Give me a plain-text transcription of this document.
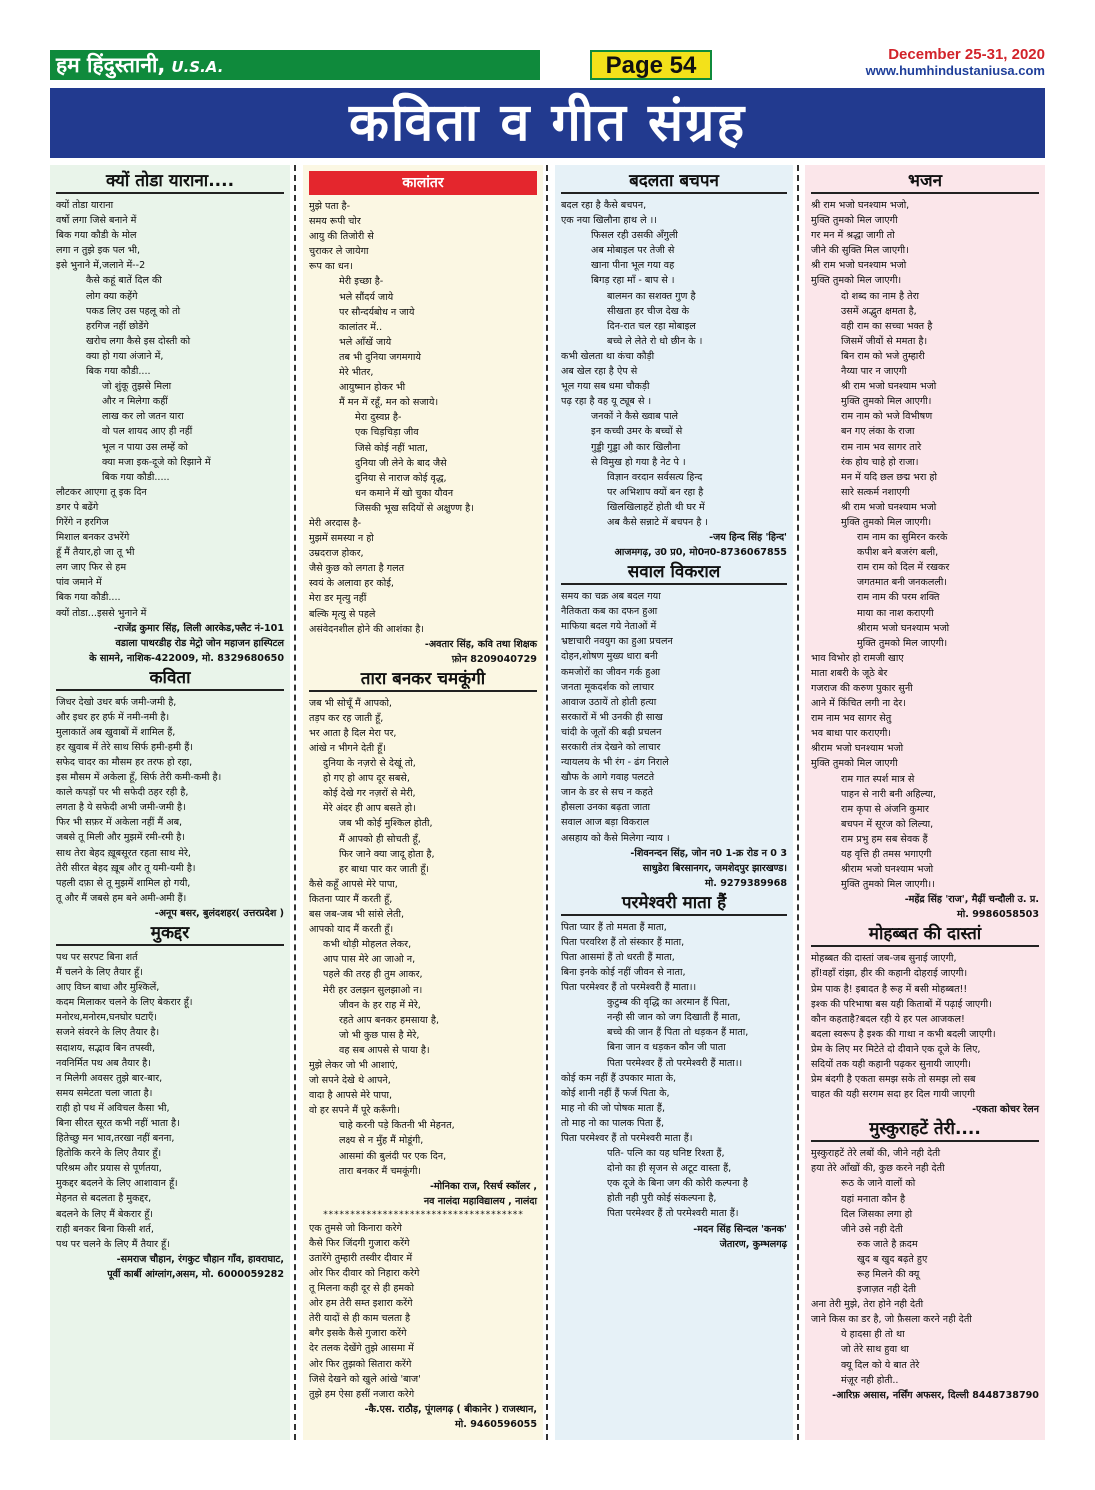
हम हिंदुस्तानी, U.S.A.	Page 54	December 25-31, 2020
www.humhindustaniusa.com
कविता व गीत संग्रह
क्यों तोडा याराना....
क्यों तोडा याराना
वर्षो लगा जिसे बनाने में
बिक गया कौडी के मोल
लगा न तुझे इक पल भी,
इसे भुनाने में,जलाने में--2
कैसे कहूं बातें दिल की
लोग क्या कहेंगे
पकड लिए उस पहलू को तो
हरगिज नहीं छोडेंगे
खरोच लगा कैसे इस दोस्ती को
क्या हो गया अंजाने में,
बिक गया कौडी....
जो शुंकू तुझसे मिला
और न मिलेगा कहीं
लाख कर लो जतन यारा
वो पल शायद आए ही नहीं
भूल न पाया उस लम्हें को
क्या मजा इक-दूजे को रिझाने में
बिक गया कौडी.....
लौटकर आएगा तू इक दिन
डगर पे बढेंगे
गिरेंगे न हरगिज
मिशाल बनकर उभरेंगे
हूँ मैं तैयार,हो जा तू भी
लग जाए फिर से हम
पांव जमाने में
बिक गया कौडी....
क्यों तोडा...इससे भुनाने में
-राजेंद्र कुमार सिंह, लिली आरकेड,फ्लैट नं-101
वडाला पाथरडीह रोड मेट्रो जोन महाजन हास्पिटल
के सामने, नाशिक-422009, मो. 8329680650
कविता
जिधर देखो उधर बर्फ जमी-जमी है,
और इधर हर हर्फ में नमी-नमी है।
मुलाकातें अब खुवाबों में शामिल हैं,
हर खुवाब में तेरे साथ सिर्फ हमी-हमी हैं।
सफेद चादर का मौसम हर तरफ हो रहा,
इस मौसम में अकेला हूँ, सिर्फ तेरी कमी-कमी है।
काले कपड़ों पर भी सफेदी ठहर रही है,
लगता है ये सफेदी अभी जमी-जमी है।
फिर भी सफ़र में अकेला नहीं मैं अब,
जबसे तू मिली और मुझमें रमी-रमी है।
साथ तेरा बेहद ख़ूबसूरत रहता साथ मेरे,
तेरी सीरत बेहद ख़ूब और तू यमी-यमी है।
पहली दफ़ा से तू मुझमें शामिल हो गयी,
तू और मैं जबसे हम बने अमी-अमी हैं।
-अनूप बसर, बुलंदशहर( उत्तरप्रदेश )
मुकद्दर
पथ पर सरपट बिना शर्त
मैं चलने के लिए तैयार हूँ।
आए विघ्न बाधा और मुश्किलें,
कदम मिलाकर चलने के लिए बेकरार हूँ।
मनोरथ,मनोरम,घनघोर घटाएँ।
सजने संवरने के लिए तैयार है।
सदाशय, सद्भाव बिन तपस्वी,
नवनिर्मित पथ अब तैयार है।
न मिलेगी अवसर तुझे बार-बार,
समय समेटता चला जाता है।
राही हो पथ में अविचल कैसा भी,
बिना सीरत सूरत कभी नहीं भाता है।
हितेच्छु मन भाव,तरखा नहीं बनना,
हितोकि करने के लिए तैयार हूँ।
परिश्रम और प्रयास से पूर्णतया,
मुकद्दर बदलने के लिए आशावान हूँ।
मेहनत से बदलता है मुकद्दर,
बदलने के लिए मैं बेकरार हूँ।
राही बनकर बिना किसी शर्त,
पथ पर चलने के लिए मैं तैयार हूँ।
-समराज चौहान, रंगकुट चौहान गाँव, हावराघाट,
पूर्वी कार्बी आंग्लांग,असम, मो. 6000059282
कालांतर
मुझे पता है-
समय रूपी चोर
आयु की तिजोरी से
चुराकर ले जायेगा
रूप का धन।
मेरी इच्छा है-
भले सौंदर्य जाये
पर सौन्दर्यबोध न जाये
कालांतर में..
भले आँखें जाये
तब भी दुनिया जगमगाये
मेरे भीतर,
आयुष्मान होकर भी
मैं मन में रहूँ, मन को सजाये।
मेरा दुस्वप्न है-
एक चिड़चिड़ा जीव
जिसे कोई नहीं भाता,
दुनिया जी लेने के बाद जैसे
दुनिया से नाराज कोई वृद्ध,
धन कमाने में खो चुका यौवन
जिसकी भूख सदियों से अक्षुण्ण है।
मेरी अरदास है-
मुझमें समस्या न हो
उम्रदराज होकर,
जैसे कुछ को लगता है गलत
स्वयं के अलावा हर कोई,
मेरा डर मृत्यु नहीं
बल्कि मृत्यु से पहले
असंवेदनशील होने की आशंका है।
-अवतार सिंह, कवि तथा शिक्षक
फ़ोन 8209040729
तारा बनकर चमकूंगी
जब भी सोचूँ मैं आपको,
तड़प कर रह जाती हूँ,
भर आता है दिल मेरा पर,
आंखे न भीगने देती हूँ।
दुनिया के नज़रो से देखूं तो,
हो गए हो आप दूर सबसे,
कोई देखे गर नज़रों से मेरी,
मेरे अंदर ही आप बसते हो।
जब भी कोई मुश्किल होती,
मैं आपको ही सोचती हूँ,
फिर जाने क्या जादू होता है,
हर बाधा पार कर जाती हूँ।
कैसे कहूँ आपसे मेरे पापा,
कितना प्यार मैं करती हूँ,
बस जब-जब भी सांसे लेती,
आपको याद मैं करती हूँ।
कभी थोड़ी मोहलत लेकर,
आप पास मेरे आ जाओ न,
पहले की तरह ही तुम आकर,
मेरी हर उलझन सुलझाओ न।
जीवन के हर राह में मेरे,
रहते आप बनकर हमसाया है,
जो भी कुछ पास है मेरे,
वह सब आपसे से पाया है।
मुझे लेकर जो भी आशाएं,
जो सपने देखे थे आपने,
वादा है आपसे मेरे पापा,
वो हर सपने मैं पूरे करूँगी।
चाहे करनी पड़े कितनी भी मेहनत,
लक्ष्य से न मुँह मैं मोडूंगी,
आसमां की बुलंदी पर एक दिन,
तारा बनकर मैं चमकूंगी।
-मोनिका राज, रिसर्च स्कॉलर ,
नव नालंदा महाविद्यालय , नालंदा
*************************************
एक तुमसे जो किनारा करेगे
कैसे फिर जिंदगी गुजारा करेंगे
उतारेंगे तुम्हारी तस्वीर दीवार में
ओर फिर दीवार को निहारा करेगे
तू मिलना कही दूर से ही हमको
ओर हम तेरी सम्त इशारा करेंगे
तेरी यादों से ही काम चलता है
बगैर इसके कैसे गुजारा करेंगे
देर तलक देखेंगे तुझे आसमा में
ओर फिर तुझको सितारा करेंगे
जिसे देखने को खुले आंखे 'बाज'
तुझे हम ऐसा हसीं नजारा करेगे
-कै.एस. राठौड़, पूंगलगढ़ ( बीकानेर ) राजस्थान,
मो. 9460596055
बदलता बचपन
बदल रहा है कैसे बचपन,
एक नया खिलौना हाथ ले ।।
फिसल रही उसकी अँगुली
अब मोबाइल पर तेजी से
खाना पीना भूल गया वह
बिगड़ रहा माँ - बाप से ।
बालमन का सशक्त गुण है
सीखता हर चीज देख के
दिन-रात चल रहा मोबाइल
बच्चे ले लेते रो धो छीन के ।
कभी खेलता था कंचा कौड़ी
अब खेल रहा है ऐप से
भूल गया सब धमा चौकड़ी
पढ़ रहा है वह यू ट्यूब से ।
जनकों ने कैसे ख्वाब पाले
इन कच्ची उमर के बच्चों से
गुड्डी गुड्डा औ कार खिलौना
से विमुख हो गया है नेट पे ।
विज्ञान वरदान सर्वसत्य हिन्द
पर अभिशाप क्यों बन रहा है
खिलखिलाहटें होती थी घर में
अब कैसे सन्नाटे में बचपन है ।
-जय हिन्द सिंह 'हिन्द'
आजमगढ़, उ0 प्र0, मो0न0-8736067855
सवाल विकराल
समय का चक्र अब बदल गया
नैतिकता कब का दफन हुआ
माफिया बदल गये नेताओं में
भ्रष्टाचारी नवयुग का हुआ प्रचलन
दोहन,शोषण मुख्य धारा बनी
कमजोरों का जीवन गर्क हुआ
जनता मूकदर्शक को लाचार
आवाज उठायें तो होती हत्या
सरकारों में भी उनकी ही साख
चांदी के जूतों की बढ़ी प्रचलन
सरकारी तंत्र देखने को लाचार
न्यायलय के भी रंग - ढंग निराले
खौफ के आगे गवाह पलटते
जान के डर से सच न कहते
हौसला उनका बढ़ता जाता
सवाल आज बड़ा विकराल
असहाय को कैसे मिलेगा न्याय ।
-शिवनन्दन सिंह, जोन न0 1-क्र रोड न 0 3
साधुडेरा बिरसानगर, जमशेदपुर झारखण्ड।
मो. 9279389968
परमेश्वरी माता हैं
पिता प्यार हैं तो ममता हैं माता,
पिता परवरिश हैं तो संस्कार हैं माता,
पिता आसमां हैं तो धरती हैं माता,
बिना इनके कोई नहीं जीवन से नाता,
पिता परमेश्वर हैं तो परमेश्वरी हैं माता।।
कुटुम्ब की वृद्धि का अरमान हैं पिता,
नन्ही सी जान को जग दिखाती हैं माता,
बच्चे की जान हैं पिता तो धड़कन हैं माता,
बिना जान व धड़कन कौन जी पाता
पिता परमेश्वर हैं तो परमेश्वरी हैं माता।।
कोई कम नहीं हैं उपकार माता के,
कोई शानी नहीं हैं फर्ज पिता के,
माह नो की जो पोषक माता हैं,
तो माह नो का पालक पिता हैं,
पिता परमेश्वर हैं तो परमेश्वरी माता हैं।
पति- पत्नि का यह घनिष्ट रिश्ता हैं,
दोनो का ही सृजन से अटूट वास्ता हैं,
एक दूजे के बिना जग की कोरी कल्पना है
होती नही पुरी कोई संकल्पना है,
पिता परमेश्वर हैं तो परमेश्वरी माता हैं।
-मदन सिंह सिन्दल 'कनक'
जेतारण, कुम्भलगढ़
भजन
श्री राम भजो घनश्याम भजो,
मुक्ति तुमको मिल जाएगी
गर मन में श्रद्धा जागी तो
जीने की सुक्ति मिल जाएगी।
श्री राम भजो घनश्याम भजो
मुक्ति तुमको मिल जाएगी।
दो शब्द का नाम है तेरा
उसमें अद्भुत क्षमता है,
वही राम का सच्चा भक्त है
जिसमें जीवों से ममता है।
बिन राम को भजे तुम्हारी
नैय्या पार न जाएगी
श्री राम भजो घनश्याम भजो
मुक्ति तुमको मिल आएगी।
राम नाम को भजे विभीषण
बन गए लंका के राजा
राम नाम भव सागर तारे
रंक होय चाहे हो राजा।
मन में यदि छल छद्म भरा हो
सारे सत्कर्म नशाएगी
श्री राम भजो घनश्याम भजो
मुक्ति तुमको मिल जाएगी।
राम नाम का सुमिरन करके
कपीश बने बजरंग बली,
राम राम को दिल में रखकर
जगतमात बनी जनकलली।
राम नाम की परम शक्ति
माया का नाश कराएगी
श्रीराम भजो घनश्याम भजो
मुक्ति तुमको मिल जाएगी।
भाव विभोर हो रामजी खाए
माता शबरी के जूठे बेर
गजराज की करुण पुकार सुनी
आने में किंचित लगी ना देर।
राम नाम भव सागर सेतु
भव बाधा पार कराएगी।
श्रीराम भजो घनश्याम भजो
मुक्ति तुमको मिल जाएगी
राम गात स्पर्श मात्र से
पाहन से नारी बनी अहिल्या,
राम कृपा से अंजनि कुमार
बचपन में सूरज को लिल्या,
राम प्रभु हम सब सेवक हैं
यह वृत्ति ही तमस भगाएगी
श्रीराम भजो घनश्याम भजो
मुक्ति तुमको मिल जाएगी।।
-महेंद्र सिंह 'राज', मैढ़ीं चन्दौली उ. प्र.
मो. 9986058503
मोहब्बत की दास्तां
मोहब्बत की दास्तां जब-जब सुनाई जाएगी,
हाँ!वहाँ रांझा, हीर की कहानी दोहराई जाएगी।
प्रेम पाक है! इबादत है रूह में बसी मोहब्बत!!
इश्क की परिभाषा बस यही किताबों में पढ़ाई जाएगी।
कौन कहताहै?बदल रही ये हर पल आजकल!
बदला स्वरूप है इश्क की गाथा न कभी बदली जाएगी।
प्रेम के लिए मर मिटेते दो दीवाने एक दूजे के लिए,
सदियों तक यही कहानी पढ़कर सुनायी जाएगी।
प्रेम बंदगी है एकता समझ सके तो समझ लो सब
चाहत की यही सरगम सदा हर दिल गायी जाएगी
-एकता कोचर रेलन
मुस्कुराहटें तेरी....
मुस्कुराहटें तेरे लबों की, जीने नही देती
हया तेरे आँखों की, कुछ करने नही देती
रूठ के जाने वालों को
यहां मनाता कौन है
दिल जिसका लगा हो
जीने उसे नही देती
रुक जाते है क़दम
खुद ब खुद बढ़ते हुए
रूह मिलने की क्यू
इजाज़त नही देती
अना तेरी मुझे, तेरा होने नही देती
जाने किस का डर है, जो फ़ैसला करने नही देती
ये हादसा ही तो था
जो तेरे साथ हुवा था
क्यू दिल को ये बात तेरे
मंज़ूर नही होती..
-आरिफ़ असास, नर्सिंग अफसर, दिल्ली 8448738790
